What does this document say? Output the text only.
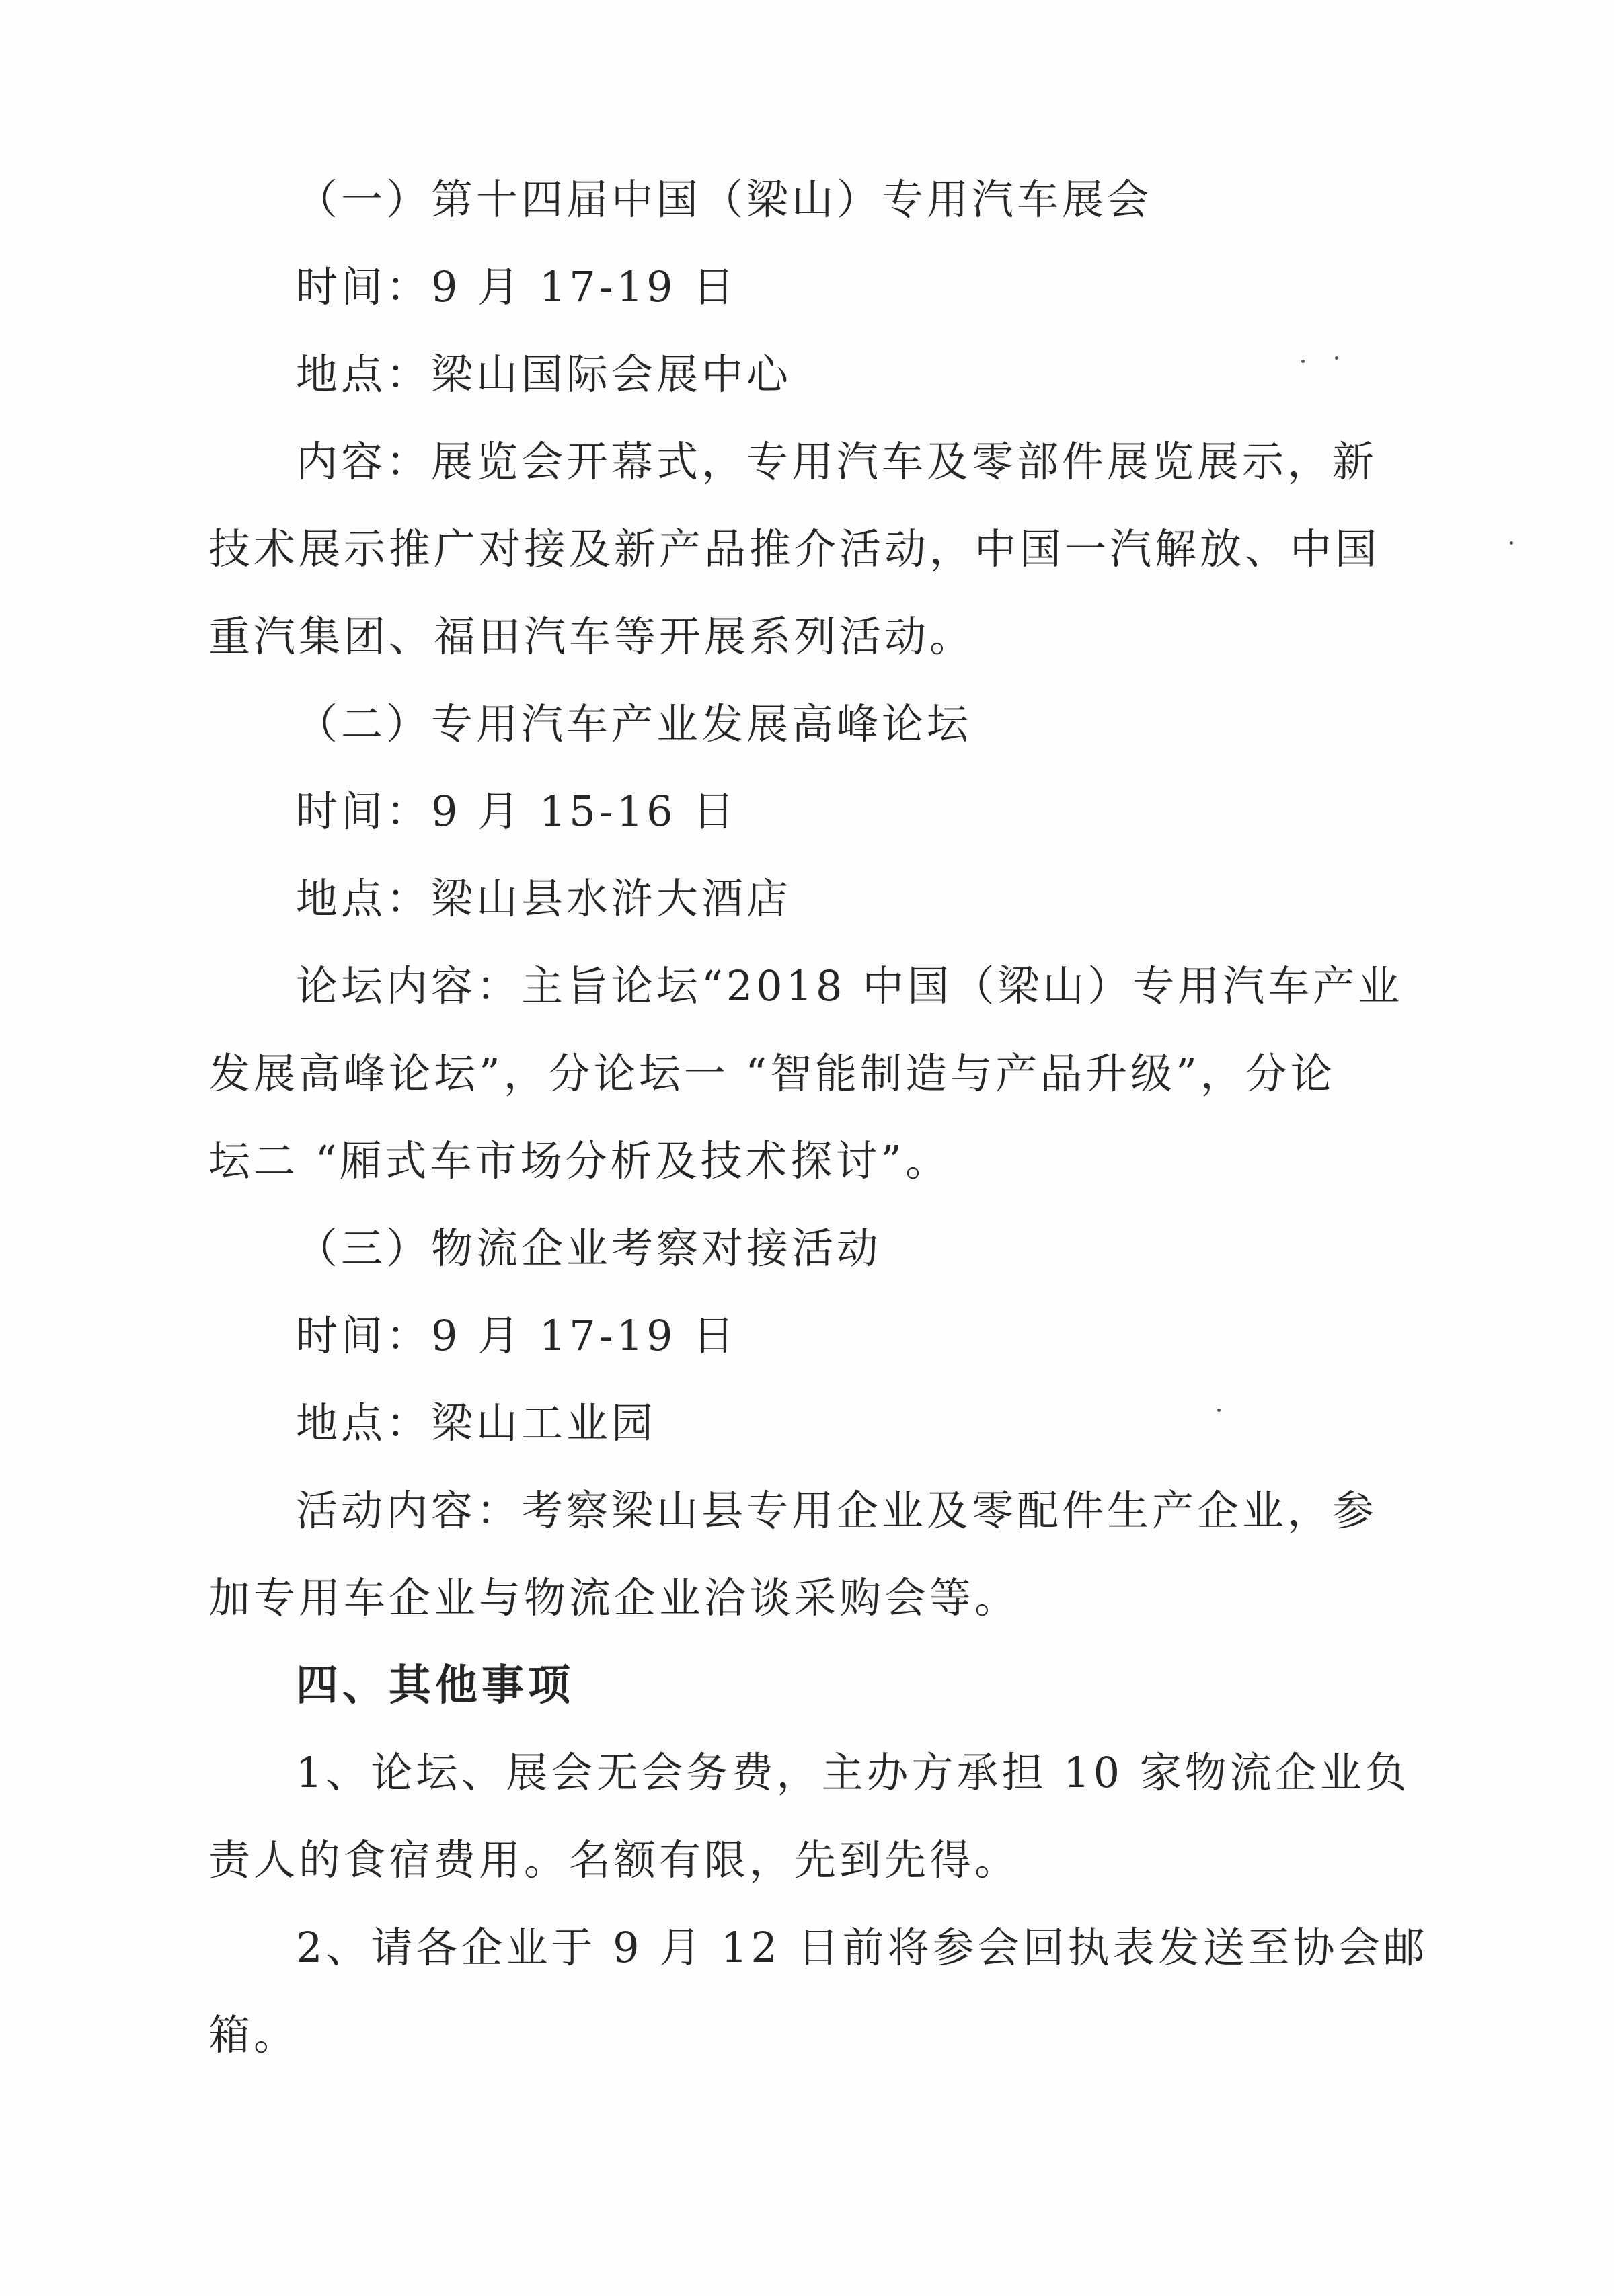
（一）第十四届中国（梁山）专用汽车展会
时间：9 月 17-19 日
地点：梁山国际会展中心
内容：展览会开幕式，专用汽车及零部件展览展示，新
技术展示推广对接及新产品推介活动，中国一汽解放、中国
重汽集团、福田汽车等开展系列活动。
（二）专用汽车产业发展高峰论坛
时间：9 月 15-16 日
地点：梁山县水浒大酒店
论坛内容：主旨论坛“2018 中国（梁山）专用汽车产业
发展高峰论坛”，分论坛一 “智能制造与产品升级”，分论
坛二 “厢式车市场分析及技术探讨”。
（三）物流企业考察对接活动
时间：9 月 17-19 日
地点：梁山工业园
活动内容：考察梁山县专用企业及零配件生产企业，参
加专用车企业与物流企业洽谈采购会等。
四、其他事项
1、论坛、展会无会务费，主办方承担 10 家物流企业负
责人的食宿费用。名额有限，先到先得。
2、请各企业于 9 月 12 日前将参会回执表发送至协会邮
箱。
